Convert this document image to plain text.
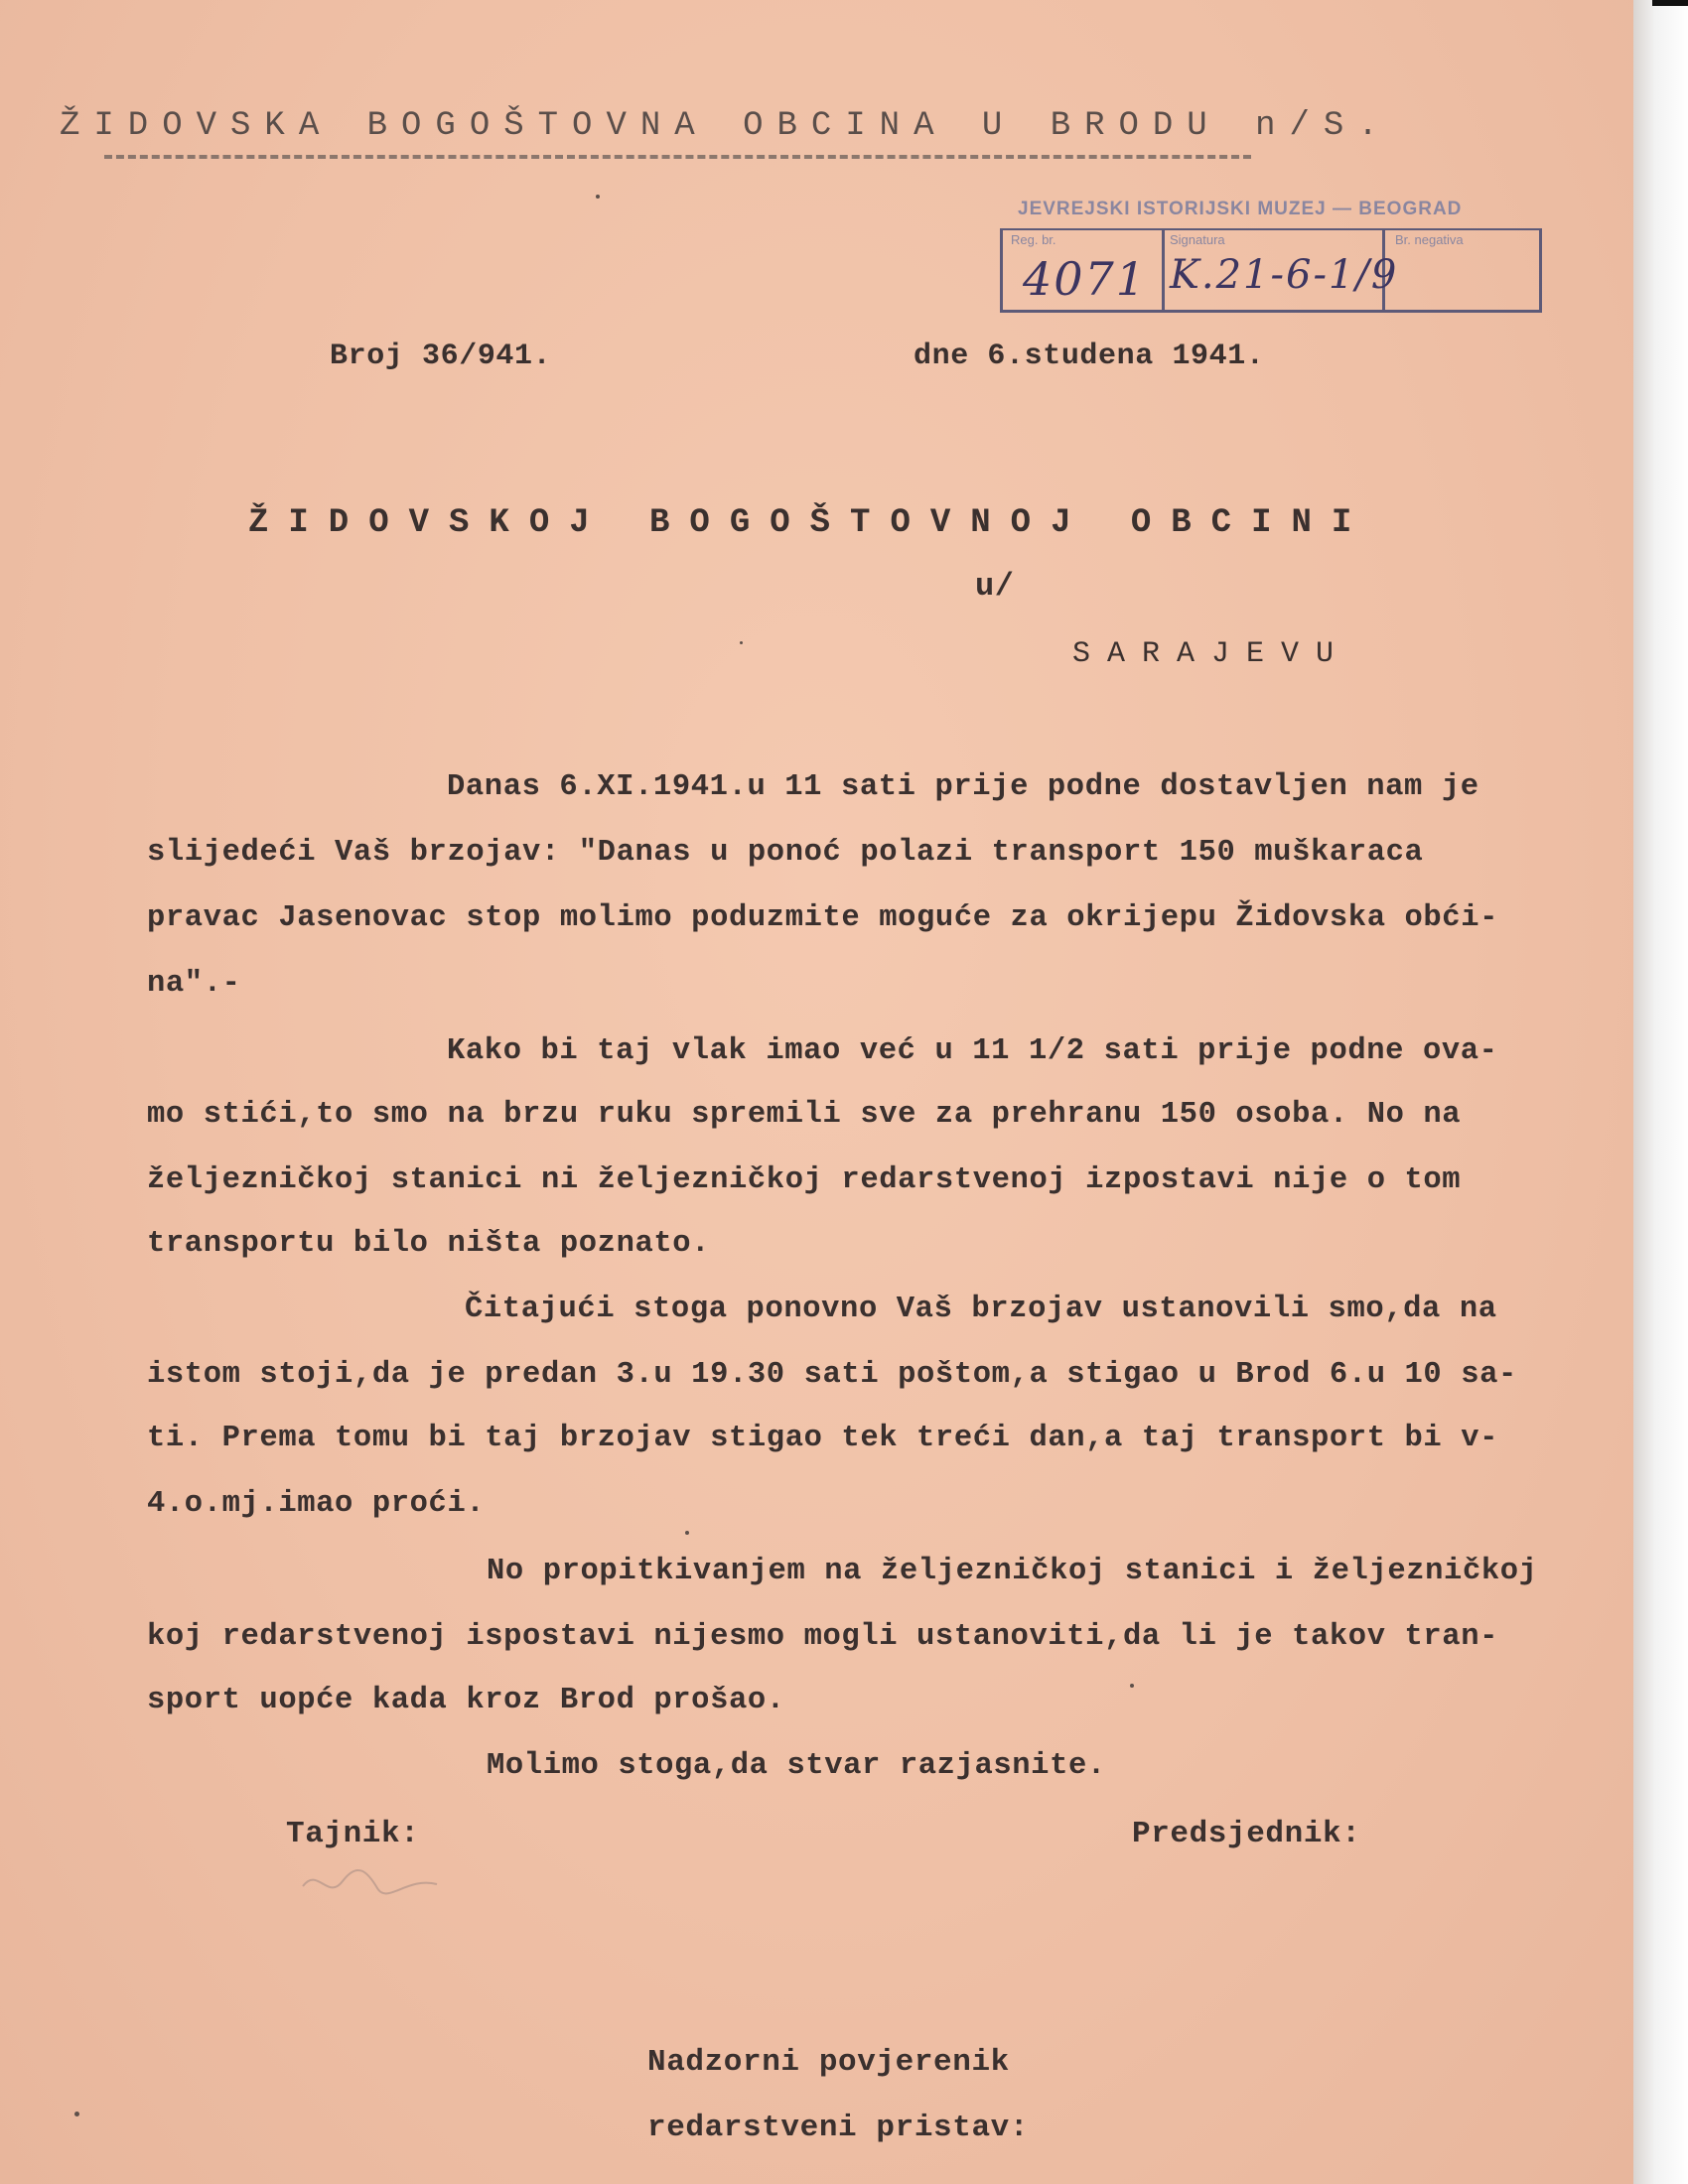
ŽIDOVSKA BOGOŠTOVNA OBCINA U BRODU n/S.
JEVREJSKI ISTORIJSKI MUZEJ — BEOGRAD
Reg. br.
4071
Signatura
K.21-6-1/9
Br. negativa
Broj 36/941.	dne 6.studena 1941.
ŽIDOVSKOJ BOGOŠTOVNOJ OBCINI
u/
SARAJEVU
Danas 6.XI.1941.u 11 sati prije podne dostavljen nam je
slijedeći Vaš brzojav: "Danas u ponoć polazi transport 150 muškaraca
pravac Jasenovac stop molimo poduzmite moguće za okrijepu Židovska obći-
na".-
Kako bi taj vlak imao već u 11 1/2 sati prije podne ova-
mo stići,to smo na brzu ruku spremili sve za prehranu 150 osoba. No na
željezničkoj stanici ni željezničkoj redarstvenoj izpostavi nije o tom
transportu bilo ništa poznato.
Čitajući stoga ponovno Vaš brzojav ustanovili smo,da na
istom stoji,da je predan 3.u 19.30 sati poštom,a stigao u Brod 6.u 10 sa-
ti. Prema tomu bi taj brzojav stigao tek treći dan,a taj transport bi v-
4.o.mj.imao proći.
No propitkivanjem na željezničkoj stanici i željezničkoj
koj redarstvenoj ispostavi nijesmo mogli ustanoviti,da li je takov tran-
sport uopće kada kroz Brod prošao.
Molimo stoga,da stvar razjasnite.
Tajnik:	Predsjednik:
Nadzorni povjerenik
redarstveni pristav:
